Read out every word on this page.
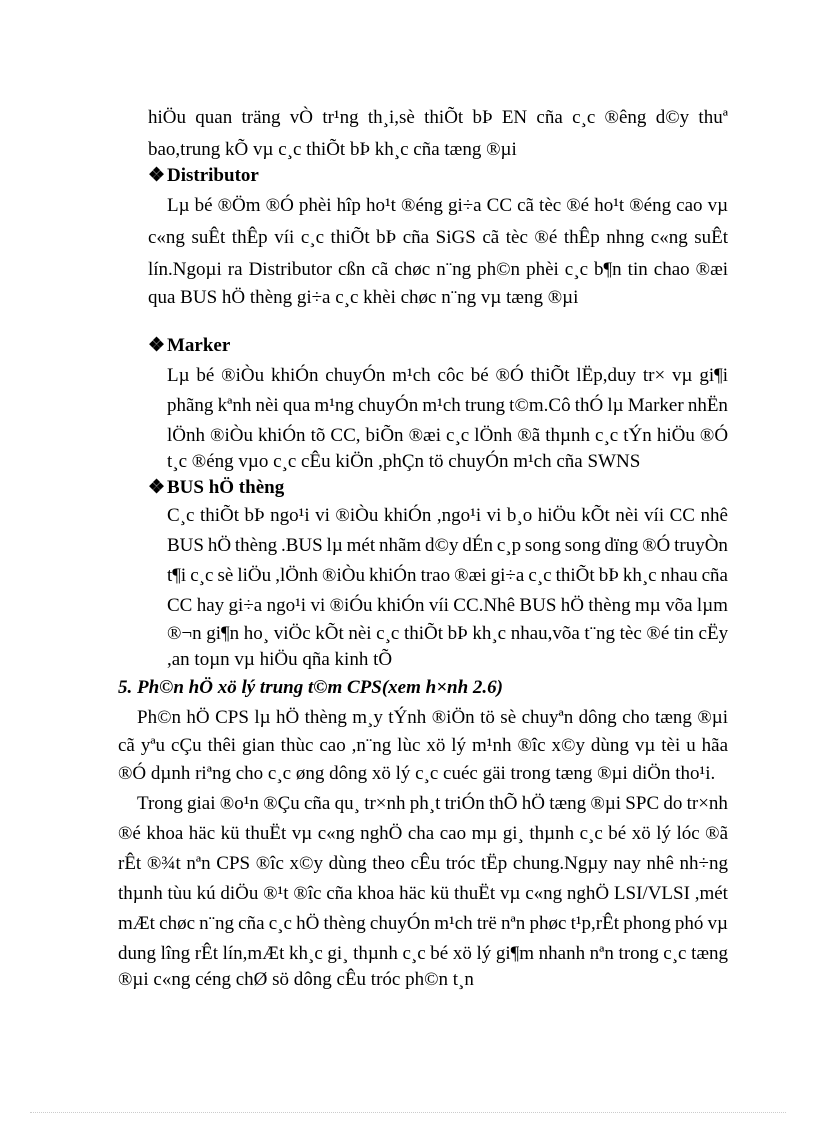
hiÖu quan träng vÒ tr¹ng th¸i,sè thiÕt bÞ EN cña c¸c ®êng d©y thuª
bao,trung kÕ vµ c¸c thiÕt bÞ kh¸c cña tæng ®µi
❖ Distributor
Lµ bé ®Öm ®Ó phèi hîp ho¹t ®éng gi÷a CC cã tèc ®é ho¹t ®éng cao vµ
c«ng suÊt thÊp víi c¸c thiÕt bÞ cña SiGS cã tèc ®é thÊp nhng c«ng suÊt
lín.Ngoµi ra Distributor cßn cã chøc n¨ng ph©n phèi c¸c b¶n tin chao ®æi
qua BUS hÖ thèng gi÷a c¸c khèi chøc n¨ng vµ tæng ®µi
❖ Marker
Lµ bé ®iÒu khiÓn chuyÓn m¹ch côc bé ®Ó thiÕt lËp,duy tr× vµ gi¶i
phãng kªnh nèi qua m¹ng chuyÓn m¹ch trung t©m.Cô thÓ lµ Marker nhËn
lÖnh ®iÒu khiÓn tõ CC, biÕn ®æi c¸c lÖnh ®ã thµnh c¸c tÝn hiÖu ®Ó
t¸c ®éng vµo c¸c cÊu kiÖn ,phÇn tö chuyÓn m¹ch cña SWNS
❖ BUS hÖ thèng
C¸c thiÕt bÞ ngo¹i vi ®iÒu khiÓn ,ngo¹i vi b¸o hiÖu kÕt nèi víi CC nhê
BUS hÖ thèng .BUS lµ mét nhãm d©y dÉn c¸p song song dïng ®Ó truyÒn
t¶i c¸c sè liÖu ,lÖnh ®iÒu khiÓn trao ®æi gi÷a c¸c thiÕt bÞ kh¸c nhau cña
CC hay gi÷a ngo¹i vi ®iÓu khiÓn víi CC.Nhê BUS hÖ thèng mµ võa lµm
®¬n gi¶n ho¸ viÖc kÕt nèi c¸c thiÕt bÞ kh¸c nhau,võa t¨ng tèc ®é tin cËy
,an toµn vµ hiÖu qña kinh tÕ
5. Ph©n hÖ xö lý trung t©m CPS(xem h×nh 2.6)
Ph©n hÖ CPS lµ hÖ thèng m¸y tÝnh ®iÖn tö sè chuyªn dông cho tæng ®µi
cã yªu cÇu thêi gian thùc cao ,n¨ng lùc xö lý m¹nh ®îc x©y dùng vµ tèi u hãa
®Ó dµnh riªng cho c¸c øng dông xö lý c¸c cuéc gäi trong tæng ®µi diÖn tho¹i.
Trong giai ®o¹n ®Çu cña qu¸ tr×nh ph¸t triÓn thÕ hÖ tæng ®µi SPC do tr×nh
®é khoa häc kü thuËt vµ c«ng nghÖ cha cao mµ gi¸ thµnh c¸c bé xö lý lóc ®ã
rÊt ®¾t nªn CPS ®îc x©y dùng theo cÊu tróc tËp chung.Ngµy nay nhê nh÷ng
thµnh tùu kú diÖu ®¹t ®îc cña khoa häc kü thuËt vµ c«ng nghÖ LSI/VLSI ,mét
mÆt chøc n¨ng cña c¸c hÖ thèng chuyÓn m¹ch trë nªn phøc t¹p,rÊt phong phó vµ
dung lîng rÊt lín,mÆt kh¸c gi¸ thµnh c¸c bé xö lý gi¶m nhanh nªn trong c¸c tæng
®µi c«ng céng chØ sö dông cÊu tróc ph©n t¸n
